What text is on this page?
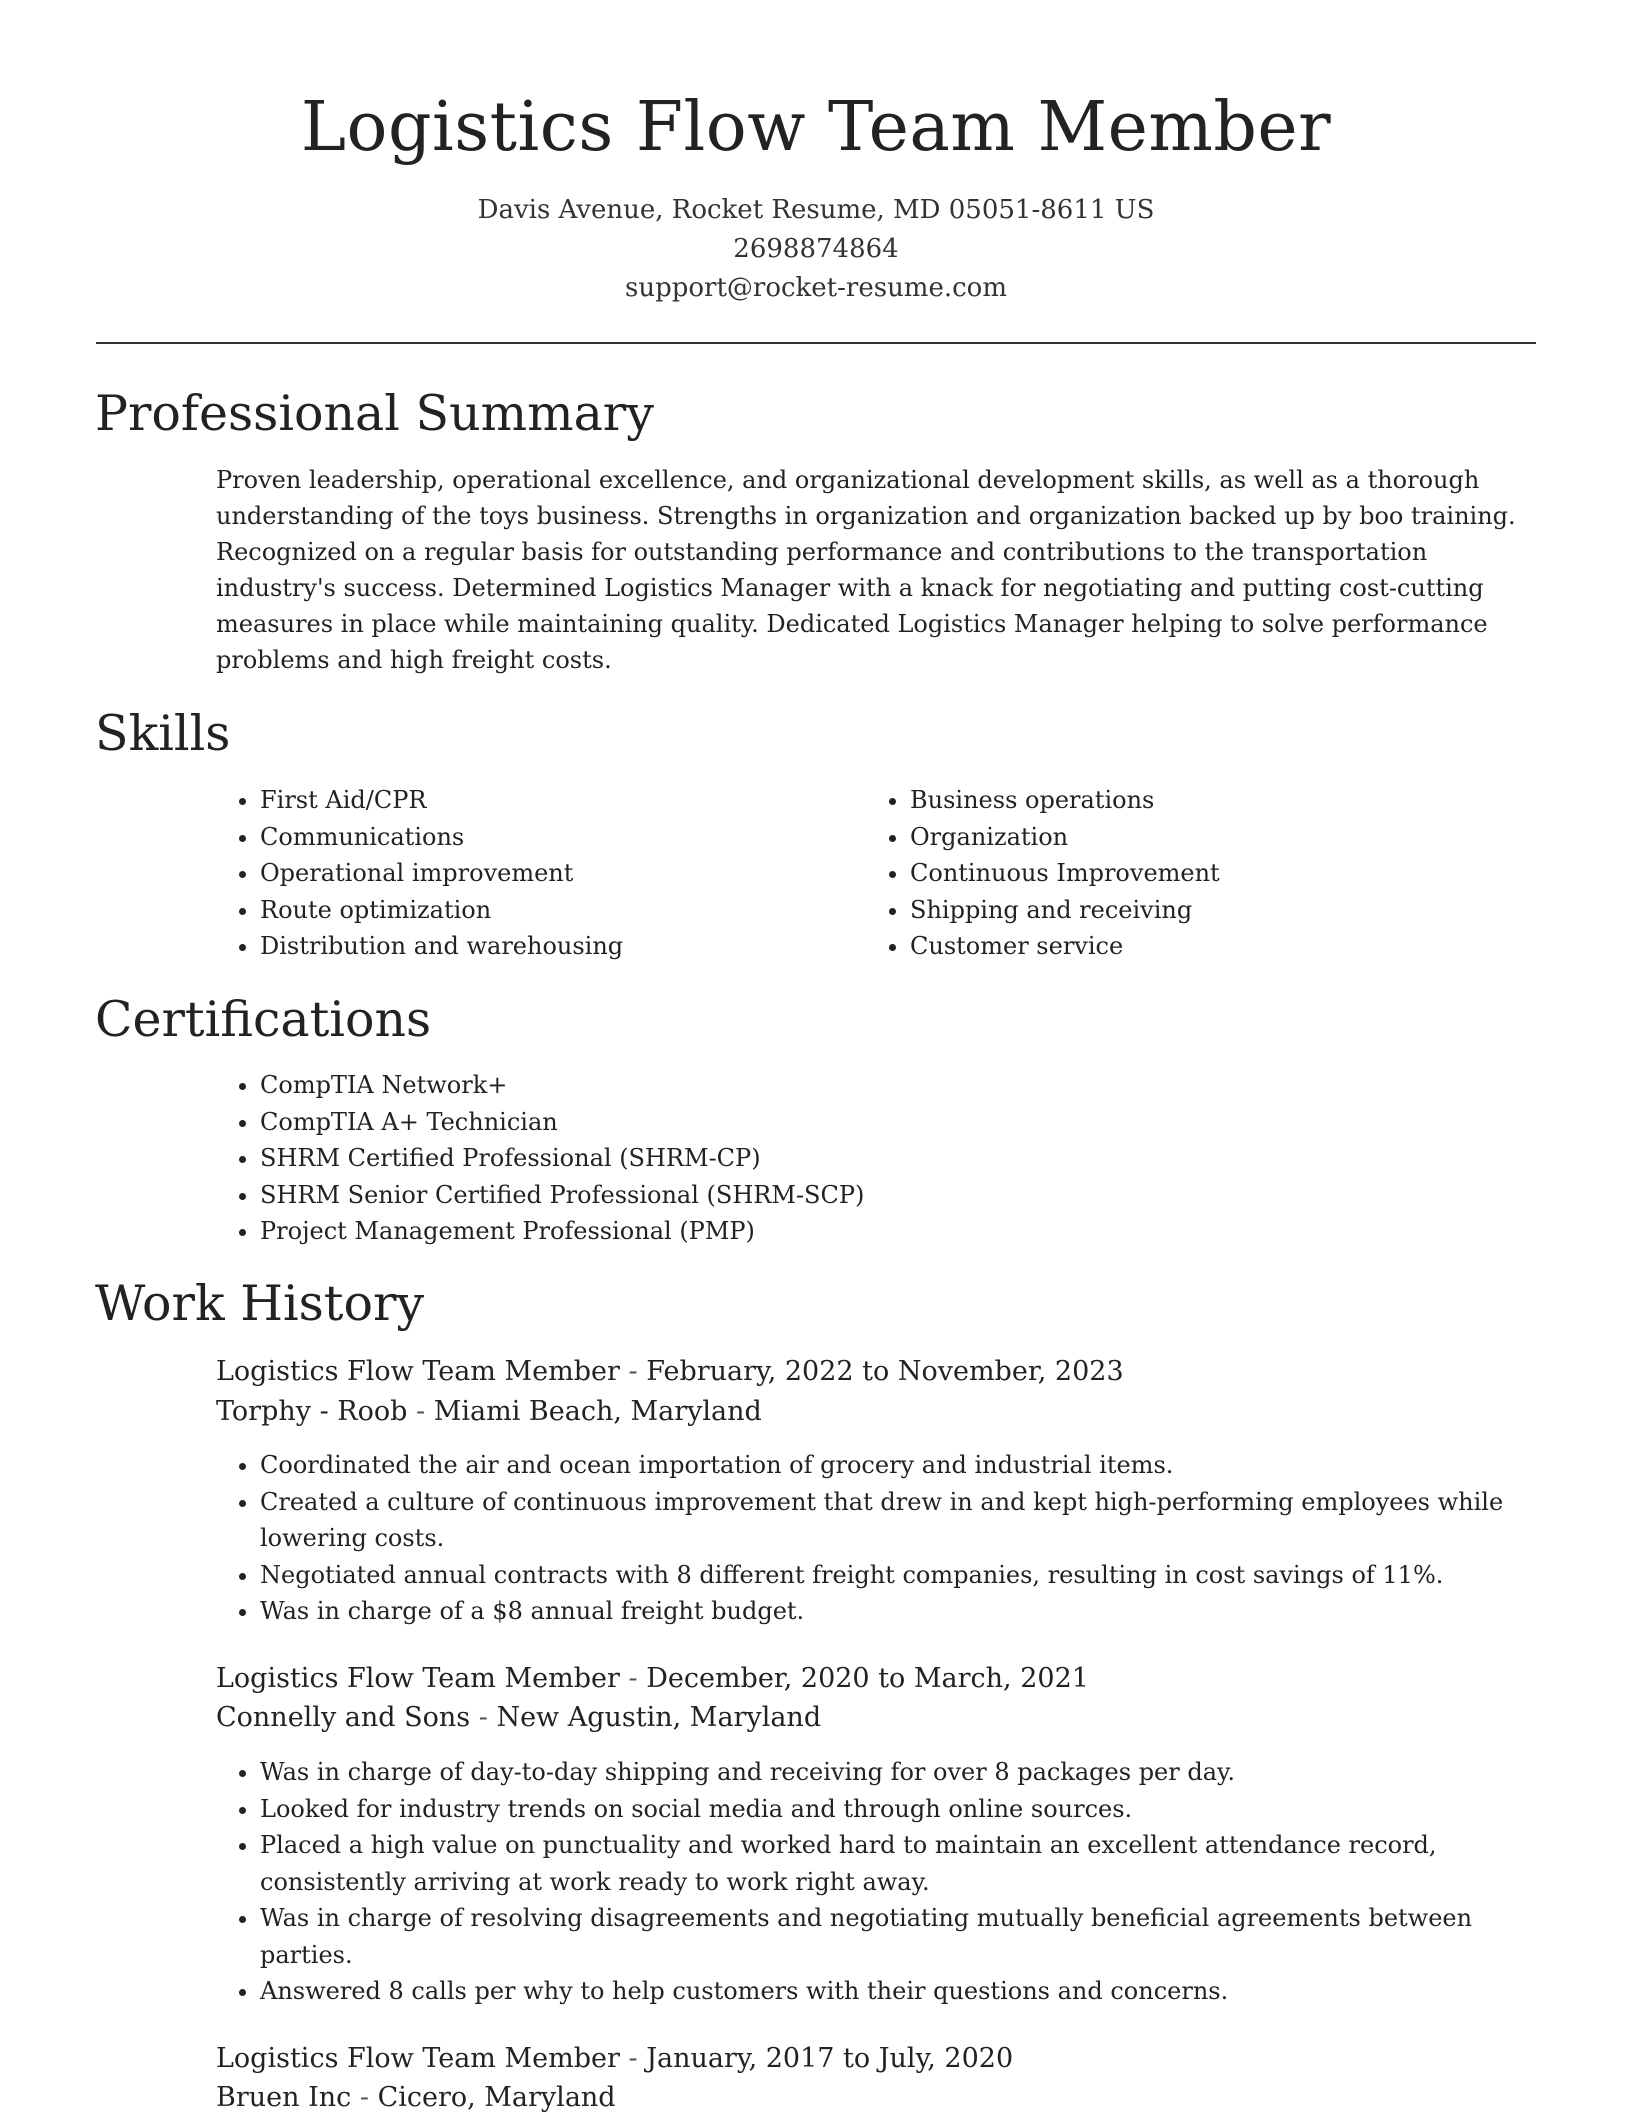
Logistics Flow Team Member
Davis Avenue, Rocket Resume, MD 05051-8611 US
2698874864
support@rocket-resume.com
Professional Summary

Proven leadership, operational excellence, and organizational development skills, as well as a thorough understanding of the toys business. Strengths in organization and organization backed up by boo training. Recognized on a regular basis for outstanding performance and contributions to the transportation industry's success. Determined Logistics Manager with a knack for negotiating and putting cost-cutting measures in place while maintaining quality. Dedicated Logistics Manager helping to solve performance problems and high freight costs.

Skills
• First Aid/CPR
• Communications
• Operational improvement
• Route optimization
• Distribution and warehousing
• Business operations
• Organization
• Continuous Improvement
• Shipping and receiving
• Customer service
Certifications
• CompTIA Network+
• CompTIA A+ Technician
• SHRM Certified Professional (SHRM-CP)
• SHRM Senior Certified Professional (SHRM-SCP)
• Project Management Professional (PMP)
Work History
Logistics Flow Team Member - February, 2022 to November, 2023
Torphy - Roob - Miami Beach, Maryland
• Coordinated the air and ocean importation of grocery and industrial items.
• Created a culture of continuous improvement that drew in and kept high-performing employees while lowering costs.
• Negotiated annual contracts with 8 different freight companies, resulting in cost savings of 11%.
• Was in charge of a $8 annual freight budget.
Logistics Flow Team Member - December, 2020 to March, 2021
Connelly and Sons - New Agustin, Maryland
• Was in charge of day-to-day shipping and receiving for over 8 packages per day.
• Looked for industry trends on social media and through online sources.
• Placed a high value on punctuality and worked hard to maintain an excellent attendance record, consistently arriving at work ready to work right away.
• Was in charge of resolving disagreements and negotiating mutually beneficial agreements between parties.
• Answered 8 calls per why to help customers with their questions and concerns.
Logistics Flow Team Member - January, 2017 to July, 2020
Bruen Inc - Cicero, Maryland
